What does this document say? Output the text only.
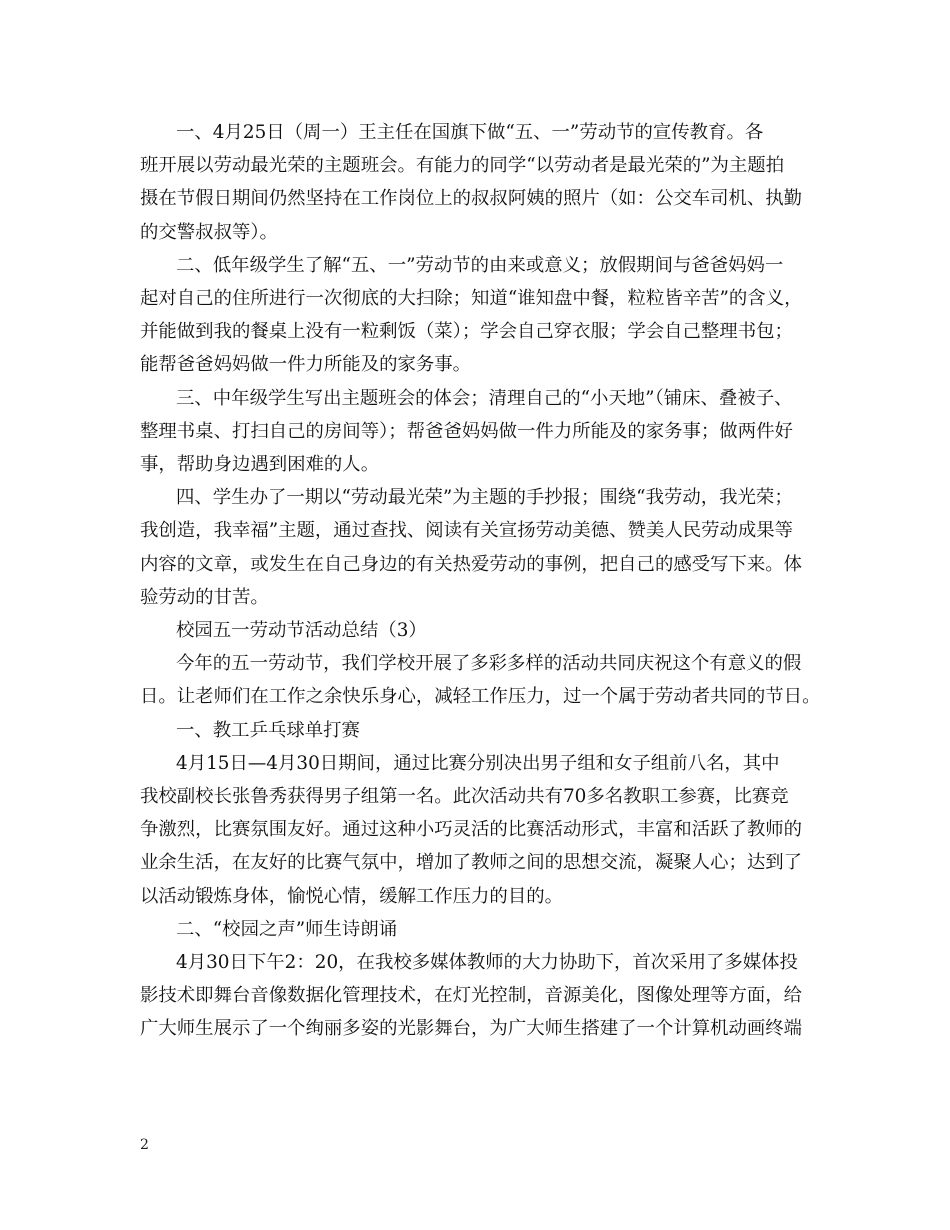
一、4月25日（周一）王主任在国旗下做“五、一”劳动节的宣传教育。各
班开展以劳动最光荣的主题班会。有能力的同学“以劳动者是最光荣的”为主题拍
摄在节假日期间仍然坚持在工作岗位上的叔叔阿姨的照片（如：公交车司机、执勤
的交警叔叔等）。

二、低年级学生了解“五、一”劳动节的由来或意义；放假期间与爸爸妈妈一
起对自己的住所进行一次彻底的大扫除；知道“谁知盘中餐，粒粒皆辛苦”的含义，
并能做到我的餐桌上没有一粒剩饭（菜）；学会自己穿衣服；学会自己整理书包；
能帮爸爸妈妈做一件力所能及的家务事。

三、中年级学生写出主题班会的体会；清理自己的“小天地”（铺床、叠被子、
整理书桌、打扫自己的房间等）；帮爸爸妈妈做一件力所能及的家务事；做两件好
事，帮助身边遇到困难的人。

四、学生办了一期以“劳动最光荣”为主题的手抄报；围绕“我劳动，我光荣；
我创造，我幸福”主题，通过查找、阅读有关宣扬劳动美德、赞美人民劳动成果等
内容的文章，或发生在自己身边的有关热爱劳动的事例，把自己的感受写下来。体
验劳动的甘苦。

校园五一劳动节活动总结（3）

今年的五一劳动节，我们学校开展了多彩多样的活动共同庆祝这个有意义的假
日。让老师们在工作之余快乐身心，减轻工作压力，过一个属于劳动者共同的节日。

一、教工乒乓球单打赛

4月15日—4月30日期间，通过比赛分别决出男子组和女子组前八名，其中
我校副校长张鲁秀获得男子组第一名。此次活动共有70多名教职工参赛，比赛竞
争激烈，比赛氛围友好。通过这种小巧灵活的比赛活动形式，丰富和活跃了教师的
业余生活，在友好的比赛气氛中，增加了教师之间的思想交流，凝聚人心；达到了
以活动锻炼身体，愉悦心情，缓解工作压力的目的。

二、“校园之声”师生诗朗诵

4月30日下午2：20，在我校多媒体教师的大力协助下，首次采用了多媒体投
影技术即舞台音像数据化管理技术，在灯光控制，音源美化，图像处理等方面，给
广大师生展示了一个绚丽多姿的光影舞台，为广大师生搭建了一个计算机动画终端

2
